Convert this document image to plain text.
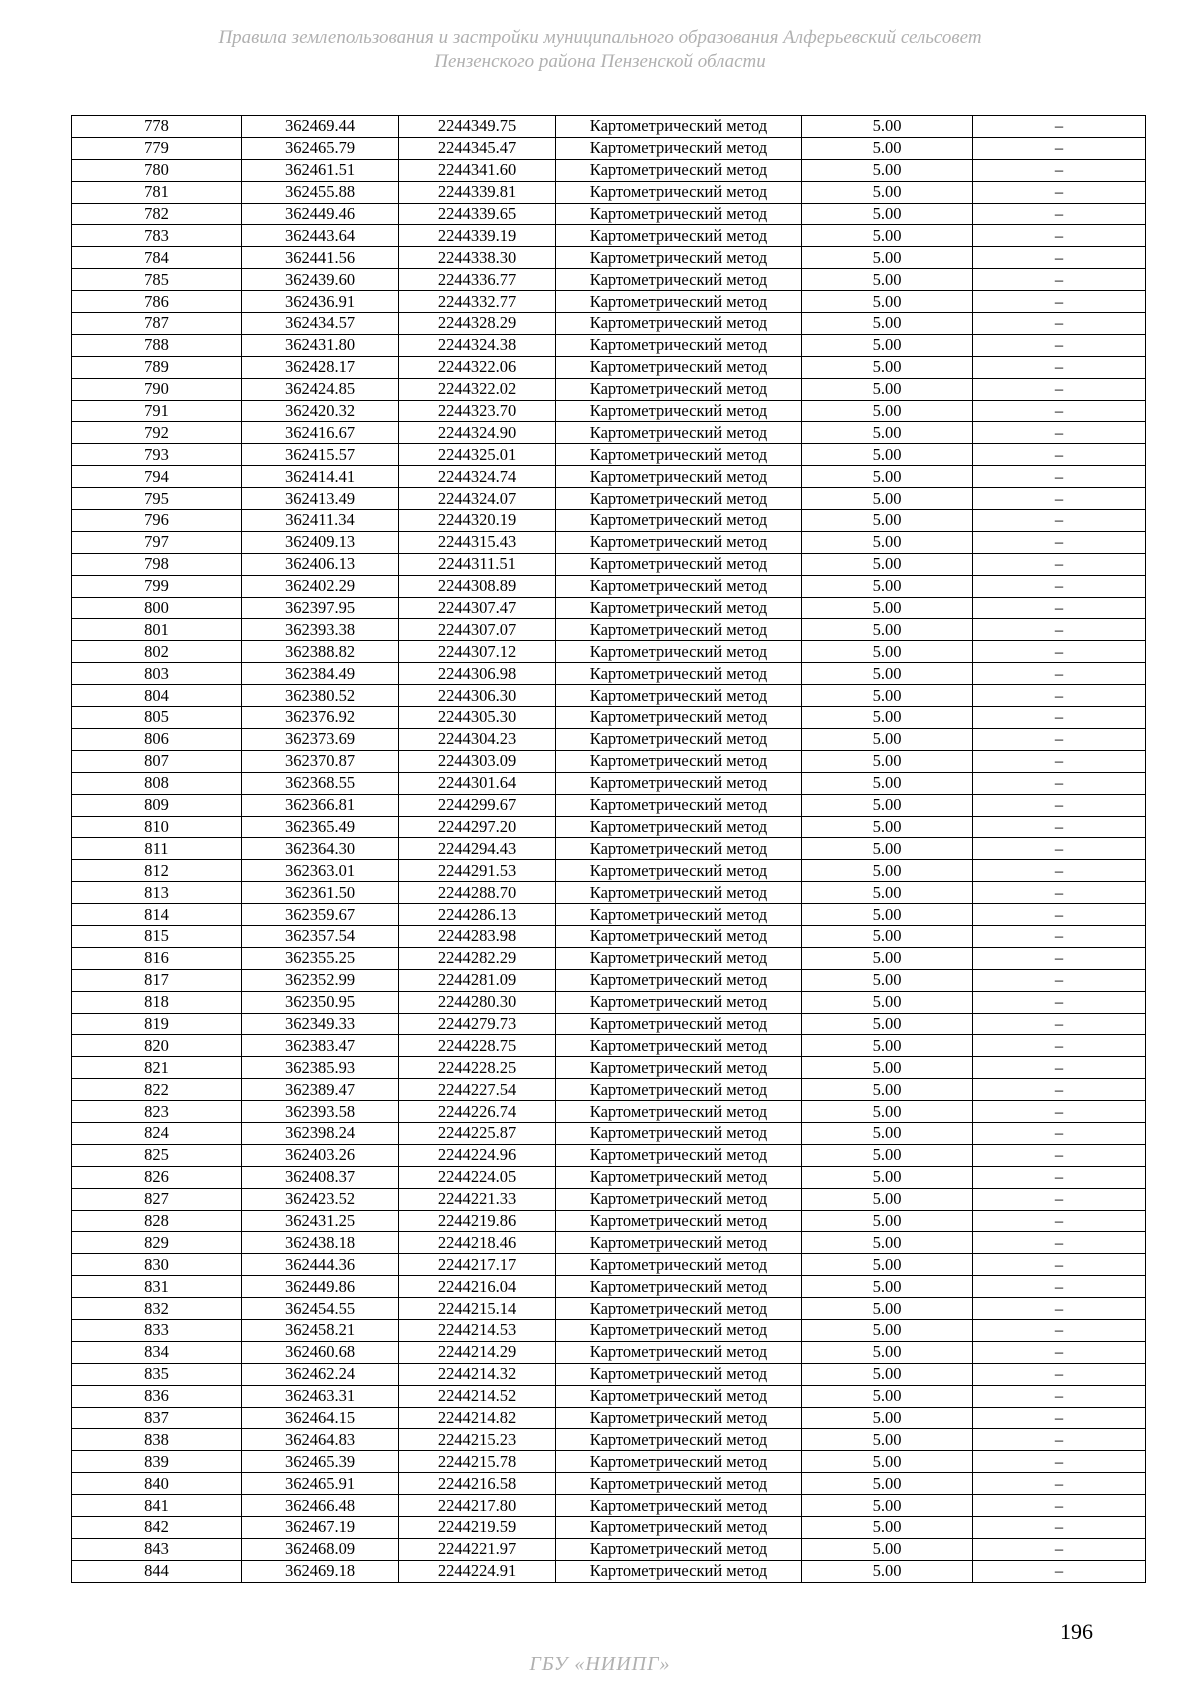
Правила землепользования и застройки муниципального образования Алферьевский сельсовет
Пензенского района Пензенской области
778	362469.44	2244349.75	Картометрический метод	5.00	–
779	362465.79	2244345.47	Картометрический метод	5.00	–
780	362461.51	2244341.60	Картометрический метод	5.00	–
781	362455.88	2244339.81	Картометрический метод	5.00	–
782	362449.46	2244339.65	Картометрический метод	5.00	–
783	362443.64	2244339.19	Картометрический метод	5.00	–
784	362441.56	2244338.30	Картометрический метод	5.00	–
785	362439.60	2244336.77	Картометрический метод	5.00	–
786	362436.91	2244332.77	Картометрический метод	5.00	–
787	362434.57	2244328.29	Картометрический метод	5.00	–
788	362431.80	2244324.38	Картометрический метод	5.00	–
789	362428.17	2244322.06	Картометрический метод	5.00	–
790	362424.85	2244322.02	Картометрический метод	5.00	–
791	362420.32	2244323.70	Картометрический метод	5.00	–
792	362416.67	2244324.90	Картометрический метод	5.00	–
793	362415.57	2244325.01	Картометрический метод	5.00	–
794	362414.41	2244324.74	Картометрический метод	5.00	–
795	362413.49	2244324.07	Картометрический метод	5.00	–
796	362411.34	2244320.19	Картометрический метод	5.00	–
797	362409.13	2244315.43	Картометрический метод	5.00	–
798	362406.13	2244311.51	Картометрический метод	5.00	–
799	362402.29	2244308.89	Картометрический метод	5.00	–
800	362397.95	2244307.47	Картометрический метод	5.00	–
801	362393.38	2244307.07	Картометрический метод	5.00	–
802	362388.82	2244307.12	Картометрический метод	5.00	–
803	362384.49	2244306.98	Картометрический метод	5.00	–
804	362380.52	2244306.30	Картометрический метод	5.00	–
805	362376.92	2244305.30	Картометрический метод	5.00	–
806	362373.69	2244304.23	Картометрический метод	5.00	–
807	362370.87	2244303.09	Картометрический метод	5.00	–
808	362368.55	2244301.64	Картометрический метод	5.00	–
809	362366.81	2244299.67	Картометрический метод	5.00	–
810	362365.49	2244297.20	Картометрический метод	5.00	–
811	362364.30	2244294.43	Картометрический метод	5.00	–
812	362363.01	2244291.53	Картометрический метод	5.00	–
813	362361.50	2244288.70	Картометрический метод	5.00	–
814	362359.67	2244286.13	Картометрический метод	5.00	–
815	362357.54	2244283.98	Картометрический метод	5.00	–
816	362355.25	2244282.29	Картометрический метод	5.00	–
817	362352.99	2244281.09	Картометрический метод	5.00	–
818	362350.95	2244280.30	Картометрический метод	5.00	–
819	362349.33	2244279.73	Картометрический метод	5.00	–
820	362383.47	2244228.75	Картометрический метод	5.00	–
821	362385.93	2244228.25	Картометрический метод	5.00	–
822	362389.47	2244227.54	Картометрический метод	5.00	–
823	362393.58	2244226.74	Картометрический метод	5.00	–
824	362398.24	2244225.87	Картометрический метод	5.00	–
825	362403.26	2244224.96	Картометрический метод	5.00	–
826	362408.37	2244224.05	Картометрический метод	5.00	–
827	362423.52	2244221.33	Картометрический метод	5.00	–
828	362431.25	2244219.86	Картометрический метод	5.00	–
829	362438.18	2244218.46	Картометрический метод	5.00	–
830	362444.36	2244217.17	Картометрический метод	5.00	–
831	362449.86	2244216.04	Картометрический метод	5.00	–
832	362454.55	2244215.14	Картометрический метод	5.00	–
833	362458.21	2244214.53	Картометрический метод	5.00	–
834	362460.68	2244214.29	Картометрический метод	5.00	–
835	362462.24	2244214.32	Картометрический метод	5.00	–
836	362463.31	2244214.52	Картометрический метод	5.00	–
837	362464.15	2244214.82	Картометрический метод	5.00	–
838	362464.83	2244215.23	Картометрический метод	5.00	–
839	362465.39	2244215.78	Картометрический метод	5.00	–
840	362465.91	2244216.58	Картометрический метод	5.00	–
841	362466.48	2244217.80	Картометрический метод	5.00	–
842	362467.19	2244219.59	Картометрический метод	5.00	–
843	362468.09	2244221.97	Картометрический метод	5.00	–
844	362469.18	2244224.91	Картометрический метод	5.00	–
196
ГБУ «НИИПГ»
